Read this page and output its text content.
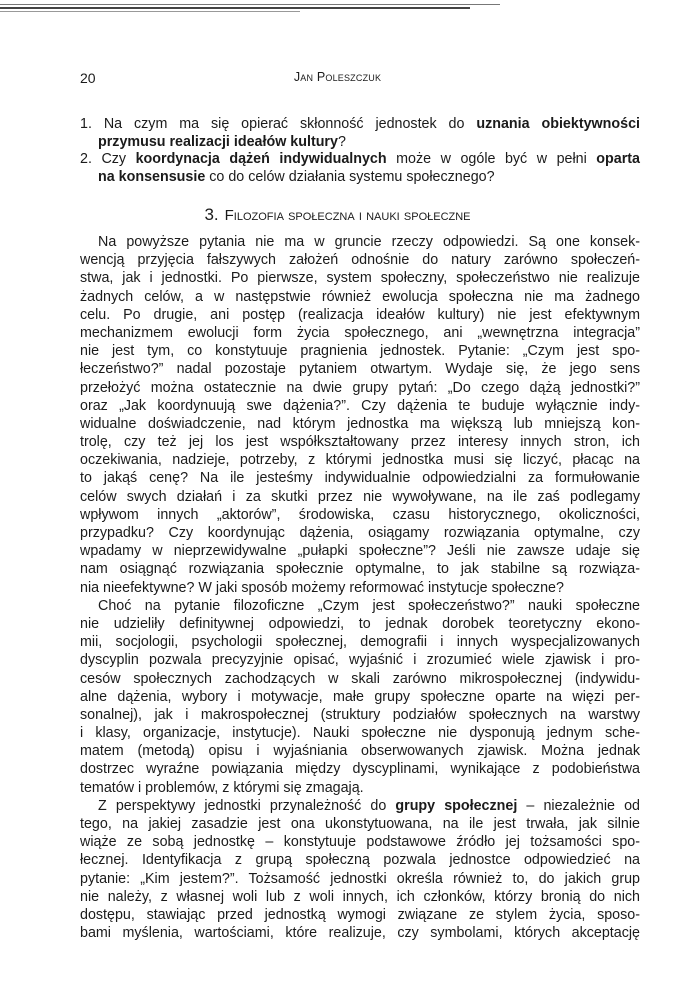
20	Jan Poleszczuk
1. Na czym ma się opierać skłonność jednostek do uznania obiektywności
przymusu realizacji ideałów kultury?
2. Czy koordynacja dążeń indywidualnych może w ogóle być w pełni oparta
na konsensusie co do celów działania systemu społecznego?
3. Filozofia społeczna i nauki społeczne
Na powyższe pytania nie ma w gruncie rzeczy odpowiedzi. Są one konsek-
wencją przyjęcia fałszywych założeń odnośnie do natury zarówno społeczeń-
stwa, jak i jednostki. Po pierwsze, system społeczny, społeczeństwo nie realizuje
żadnych celów, a w następstwie również ewolucja społeczna nie ma żadnego
celu. Po drugie, ani postęp (realizacja ideałów kultury) nie jest efektywnym
mechanizmem ewolucji form życia społecznego, ani „wewnętrzna integracja”
nie jest tym, co konstytuuje pragnienia jednostek. Pytanie: „Czym jest spo-
łeczeństwo?” nadal pozostaje pytaniem otwartym. Wydaje się, że jego sens
przełożyć można ostatecznie na dwie grupy pytań: „Do czego dążą jednostki?”
oraz „Jak koordynuują swe dążenia?”. Czy dążenia te buduje wyłącznie indy-
widualne doświadczenie, nad którym jednostka ma większą lub mniejszą kon-
trolę, czy też jej los jest współkształtowany przez interesy innych stron, ich
oczekiwania, nadzieje, potrzeby, z którymi jednostka musi się liczyć, płacąc na
to jakąś cenę? Na ile jesteśmy indywidualnie odpowiedzialni za formułowanie
celów swych działań i za skutki przez nie wywoływane, na ile zaś podlegamy
wpływom innych „aktorów”, środowiska, czasu historycznego, okoliczności,
przypadku? Czy koordynując dążenia, osiągamy rozwiązania optymalne, czy
wpadamy w nieprzewidywalne „pułapki społeczne”? Jeśli nie zawsze udaje się
nam osiągnąć rozwiązania społecznie optymalne, to jak stabilne są rozwiąza-
nia nieefektywne? W jaki sposób możemy reformować instytucje społeczne?
Choć na pytanie filozoficzne „Czym jest społeczeństwo?” nauki społeczne
nie udzieliły definitywnej odpowiedzi, to jednak dorobek teoretyczny ekono-
mii, socjologii, psychologii społecznej, demografii i innych wyspecjalizowanych
dyscyplin pozwala precyzyjnie opisać, wyjaśnić i zrozumieć wiele zjawisk i pro-
cesów społecznych zachodzących w skali zarówno mikrospołecznej (indywidu-
alne dążenia, wybory i motywacje, małe grupy społeczne oparte na więzi per-
sonalnej), jak i makrospołecznej (struktury podziałów społecznych na warstwy
i klasy, organizacje, instytucje). Nauki społeczne nie dysponują jednym sche-
matem (metodą) opisu i wyjaśniania obserwowanych zjawisk. Można jednak
dostrzec wyraźne powiązania między dyscyplinami, wynikające z podobieństwa
tematów i problemów, z którymi się zmagają.
Z perspektywy jednostki przynależność do grupy społecznej – niezależnie od
tego, na jakiej zasadzie jest ona ukonstytuowana, na ile jest trwała, jak silnie
wiąże ze sobą jednostkę – konstytuuje podstawowe źródło jej tożsamości spo-
łecznej. Identyfikacja z grupą społeczną pozwala jednostce odpowiedzieć na
pytanie: „Kim jestem?”. Tożsamość jednostki określa również to, do jakich grup
nie należy, z własnej woli lub z woli innych, ich członków, którzy bronią do nich
dostępu, stawiając przed jednostką wymogi związane ze stylem życia, sposo-
bami myślenia, wartościami, które realizuje, czy symbolami, których akceptację
